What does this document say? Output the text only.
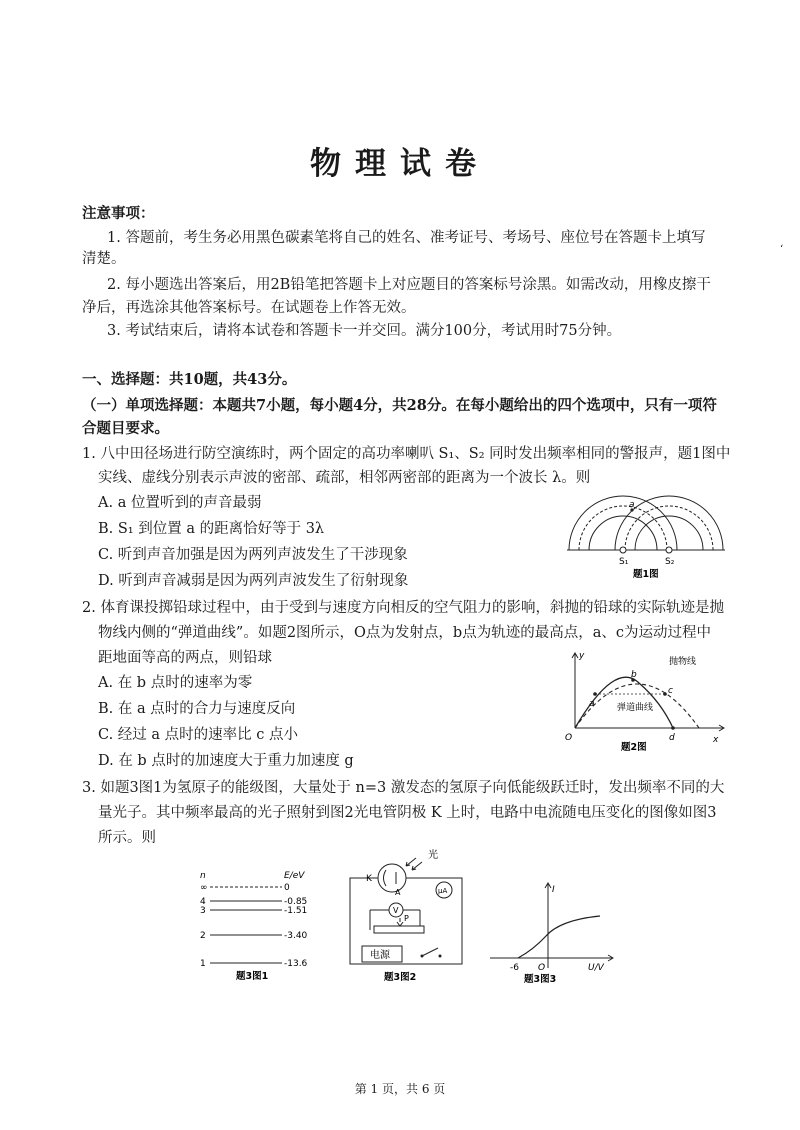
物理试卷
注意事项：
1. 答题前，考生务必用黑色碳素笔将自己的姓名、准考证号、考场号、座位号在答题卡上填写
清楚。
2. 每小题选出答案后，用2B铅笔把答题卡上对应题目的答案标号涂黑。如需改动，用橡皮擦干
净后，再选涂其他答案标号。在试题卷上作答无效。
3. 考试结束后，请将本试卷和答题卡一并交回。满分100分，考试用时75分钟。
‘
一、选择题：共10题，共43分。
（一）单项选择题：本题共7小题，每小题4分，共28分。在每小题给出的四个选项中，只有一项符
合题目要求。
1. 八中田径场进行防空演练时，两个固定的高功率喇叭 S₁、S₂ 同时发出频率相同的警报声，题1图中
实线、虚线分别表示声波的密部、疏部，相邻两密部的距离为一个波长 λ。则
A. a 位置听到的声音最弱
B. S₁ 到位置 a 的距离恰好等于 3λ
C. 听到声音加强是因为两列声波发生了干涉现象
D. 听到声音减弱是因为两列声波发生了衍射现象
a
S₁	S₂
题1图
2. 体育课投掷铅球过程中，由于受到与速度方向相反的空气阻力的影响，斜抛的铅球的实际轨迹是抛
物线内侧的“弹道曲线”。如题2图所示，O点为发射点，b点为轨迹的最高点，a、c为运动过程中
距地面等高的两点，则铅球
A. 在 b 点时的速率为零
B. 在 a 点时的合力与速度反向
C. 经过 a 点时的速率比 c 点小
D. 在 b 点时的加速度大于重力加速度 g
y
x
O
a
b
c
d
抛物线
弹道曲线
题2图
3. 如题3图1为氢原子的能级图，大量处于 n=3 激发态的氢原子向低能级跃迁时，发出频率不同的大
量光子。其中频率最高的光子照射到图2光电管阴极 K 上时，电路中电流随电压变化的图像如图3
所示。则
n	E/eV
∞	0
4	-0.85
3	-1.51
2	-3.40
1	-13.6
题3图1
光
K
A	μA
V
P
电源
题3图2
I
U/V
O
-6
题3图3
第 1 页，共 6 页
